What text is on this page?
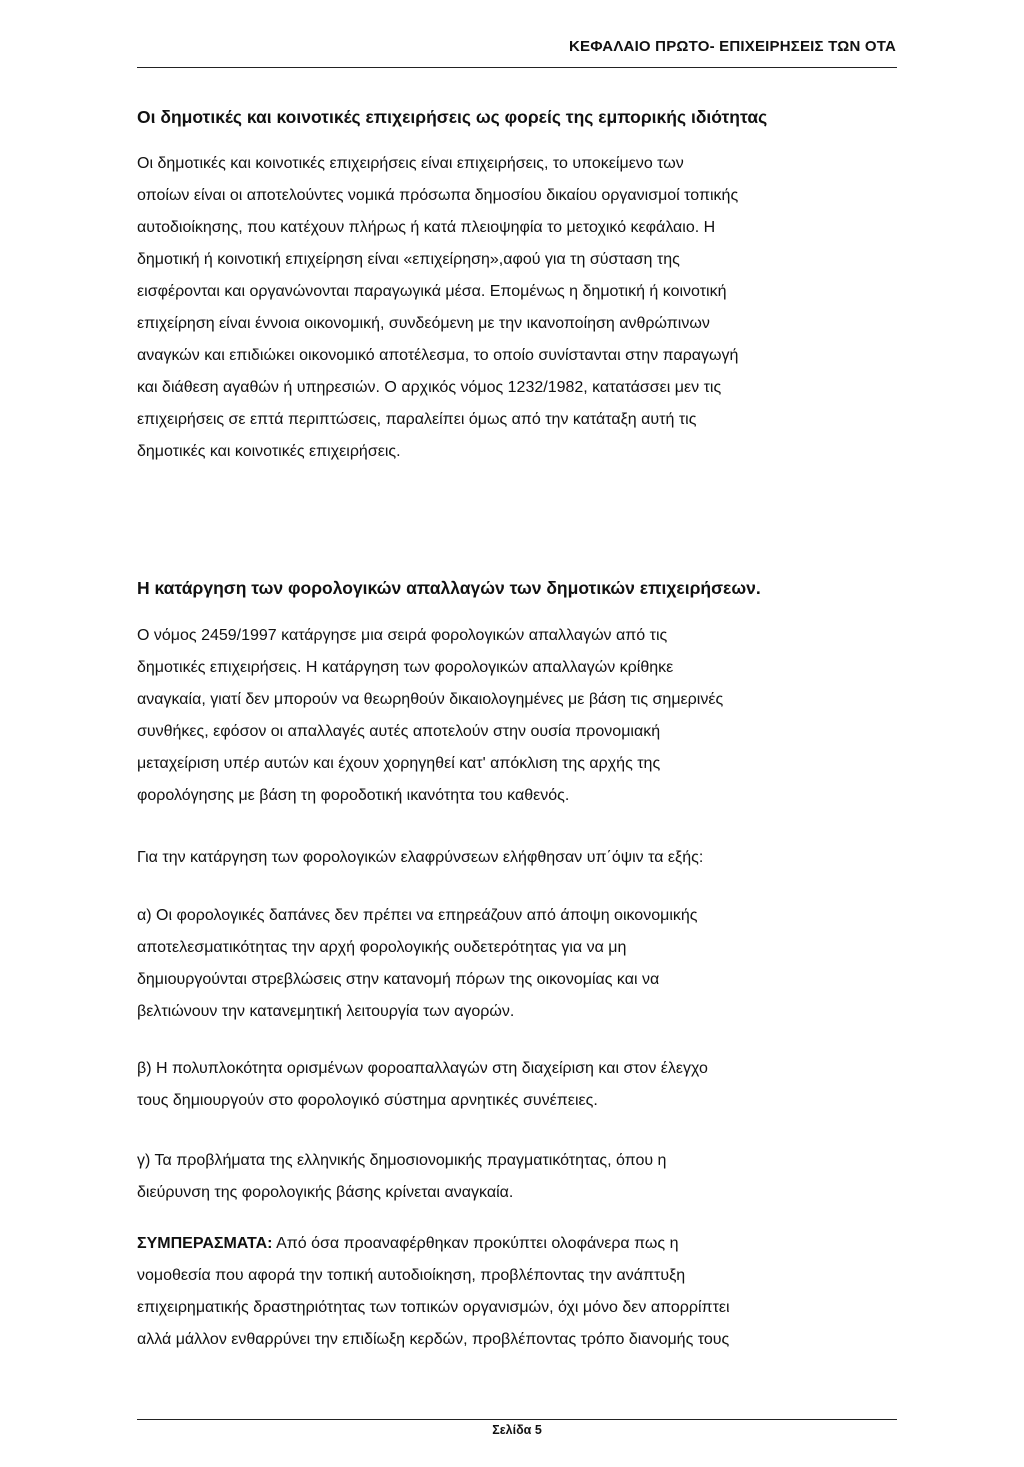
ΚΕΦΑΛΑΙΟ ΠΡΩΤΟ- ΕΠΙΧΕΙΡΗΣΕΙΣ ΤΩΝ ΟΤΑ
Οι δημοτικές και κοινοτικές επιχειρήσεις ως φορείς της εμπορικής ιδιότητας

Οι δημοτικές και κοινοτικές επιχειρήσεις είναι επιχειρήσεις, το υποκείμενο των
οποίων είναι οι αποτελούντες νομικά πρόσωπα δημοσίου δικαίου οργανισμοί τοπικής
αυτοδιοίκησης, που κατέχουν πλήρως ή κατά πλειοψηφία το μετοχικό κεφάλαιο. Η
δημοτική ή κοινοτική επιχείρηση είναι «επιχείρηση»,αφού για τη σύσταση της
εισφέρονται και οργανώνονται παραγωγικά μέσα. Επομένως η δημοτική ή κοινοτική
επιχείρηση είναι έννοια οικονομική, συνδεόμενη με την ικανοποίηση ανθρώπινων
αναγκών και επιδιώκει οικονομικό αποτέλεσμα, το οποίο συνίστανται στην παραγωγή
και διάθεση αγαθών ή υπηρεσιών. Ο αρχικός νόμος 1232/1982, κατατάσσει μεν τις
επιχειρήσεις σε επτά περιπτώσεις, παραλείπει όμως από την κατάταξη αυτή τις
δημοτικές και κοινοτικές επιχειρήσεις.

Η κατάργηση των φορολογικών απαλλαγών των δημοτικών επιχειρήσεων.

Ο νόμος 2459/1997 κατάργησε μια σειρά φορολογικών απαλλαγών από τις
δημοτικές επιχειρήσεις. Η κατάργηση των φορολογικών απαλλαγών κρίθηκε
αναγκαία, γιατί δεν μπορούν να θεωρηθούν δικαιολογημένες με βάση τις σημερινές
συνθήκες, εφόσον οι απαλλαγές αυτές αποτελούν στην ουσία προνομιακή
μεταχείριση υπέρ αυτών και έχουν χορηγηθεί κατ' απόκλιση της αρχής της
φορολόγησης με βάση τη φοροδοτική ικανότητα του καθενός.

Για την κατάργηση των φορολογικών ελαφρύνσεων ελήφθησαν υπ΄όψιν τα εξής:

α) Οι φορολογικές δαπάνες δεν πρέπει να επηρεάζουν από άποψη οικονομικής
αποτελεσματικότητας την αρχή φορολογικής ουδετερότητας για να μη
δημιουργούνται στρεβλώσεις στην κατανομή πόρων της οικονομίας και να
βελτιώνουν την κατανεμητική λειτουργία των αγορών.

β) Η πολυπλοκότητα ορισμένων φοροαπαλλαγών στη διαχείριση και στον έλεγχο
τους δημιουργούν στο φορολογικό σύστημα αρνητικές συνέπειες.

γ) Τα προβλήματα της ελληνικής δημοσιονομικής πραγματικότητας, όπου η
διεύρυνση της φορολογικής βάσης κρίνεται αναγκαία.

ΣΥΜΠΕΡΑΣΜΑΤΑ: Από όσα προαναφέρθηκαν προκύπτει ολοφάνερα πως η
νομοθεσία που αφορά την τοπική αυτοδιοίκηση, προβλέποντας την ανάπτυξη
επιχειρηματικής δραστηριότητας των τοπικών οργανισμών, όχι μόνο δεν απορρίπτει
αλλά μάλλον ενθαρρύνει την επιδίωξη κερδών, προβλέποντας τρόπο διανομής τους

Σελίδα 5
